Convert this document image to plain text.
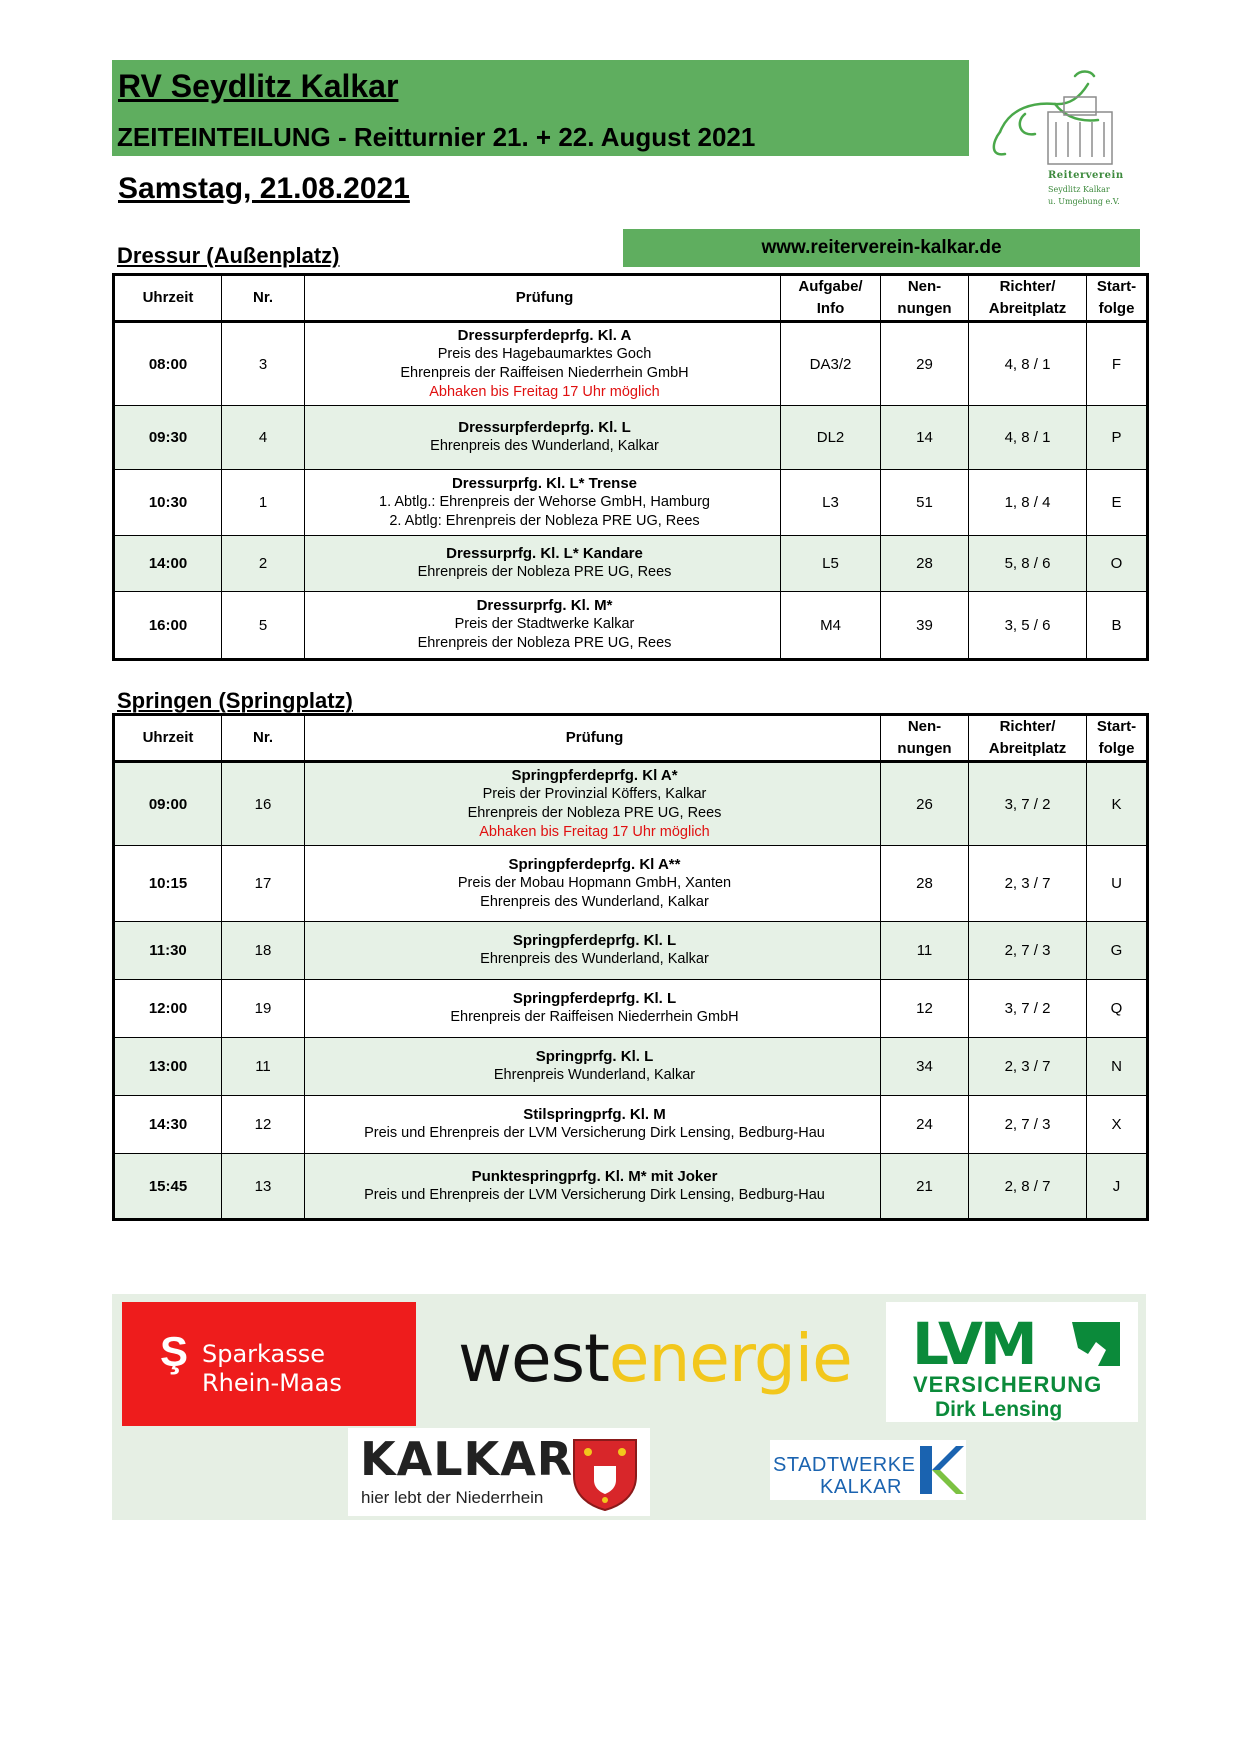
RV Seydlitz Kalkar
ZEITEINTEILUNG - Reitturnier 21. + 22. August 2021
Samstag, 21.08.2021	Reiterverein
Seydlitz Kalkar
u. Umgebung e.V.
www.reiterverein-kalkar.de
Dressur (Außenplatz)
Uhrzeit	Nr.	Prüfung	Aufgabe/
Info	Nen-
nungen	Richter/
Abreitplatz	Start-
folge
08:00	3	Dressurpferdeprfg. Kl. A
Preis des Hagebaumarktes Goch
Ehrenpreis der Raiffeisen Niederrhein GmbH
Abhaken bis Freitag 17 Uhr möglich	DA3/2	29	4, 8 / 1	F
09:30	4	Dressurpferdeprfg. Kl. L
Ehrenpreis des Wunderland, Kalkar	DL2	14	4, 8 / 1	P
10:30	1	Dressurprfg. Kl. L* Trense
1. Abtlg.: Ehrenpreis der Wehorse GmbH, Hamburg
2. Abtlg: Ehrenpreis der Nobleza PRE UG, Rees	L3	51	1, 8 / 4	E
14:00	2	Dressurprfg. Kl. L* Kandare
Ehrenpreis der Nobleza PRE UG, Rees	L5	28	5, 8 / 6	O
16:00	5	Dressurprfg. Kl. M*
Preis der Stadtwerke Kalkar
Ehrenpreis der Nobleza PRE UG, Rees	M4	39	3, 5 / 6	B
Springen (Springplatz)
Uhrzeit	Nr.	Prüfung	Nen-
nungen	Richter/
Abreitplatz	Start-
folge
09:00	16	Springpferdeprfg. Kl A*
Preis der Provinzial Köffers, Kalkar
Ehrenpreis der Nobleza PRE UG, Rees
Abhaken bis Freitag 17 Uhr möglich	26	3, 7 / 2	K
10:15	17	Springpferdeprfg. Kl A**
Preis der Mobau Hopmann GmbH, Xanten
Ehrenpreis des Wunderland, Kalkar	28	2, 3 / 7	U
11:30	18	Springpferdeprfg. Kl. L
Ehrenpreis des Wunderland, Kalkar	11	2, 7 / 3	G
12:00	19	Springpferdeprfg. Kl. L
Ehrenpreis der Raiffeisen Niederrhein GmbH	12	3, 7 / 2	Q
13:00	11	Springprfg. Kl. L
Ehrenpreis Wunderland, Kalkar	34	2, 3 / 7	N
14:30	12	Stilspringprfg. Kl. M
Preis und Ehrenpreis der LVM Versicherung Dirk Lensing, Bedburg-Hau	24	2, 7 / 3	X
15:45	13	Punktespringprfg. Kl. M* mit Joker
Preis und Ehrenpreis der LVM Versicherung Dirk Lensing, Bedburg-Hau	21	2, 8 / 7	J
Ş Sparkasse
Rhein-Maas westenergie LVM
VERSICHERUNG
Dirk Lensing
KALKAR
hier lebt der Niederrhein
STADTWERKE
KALKAR
